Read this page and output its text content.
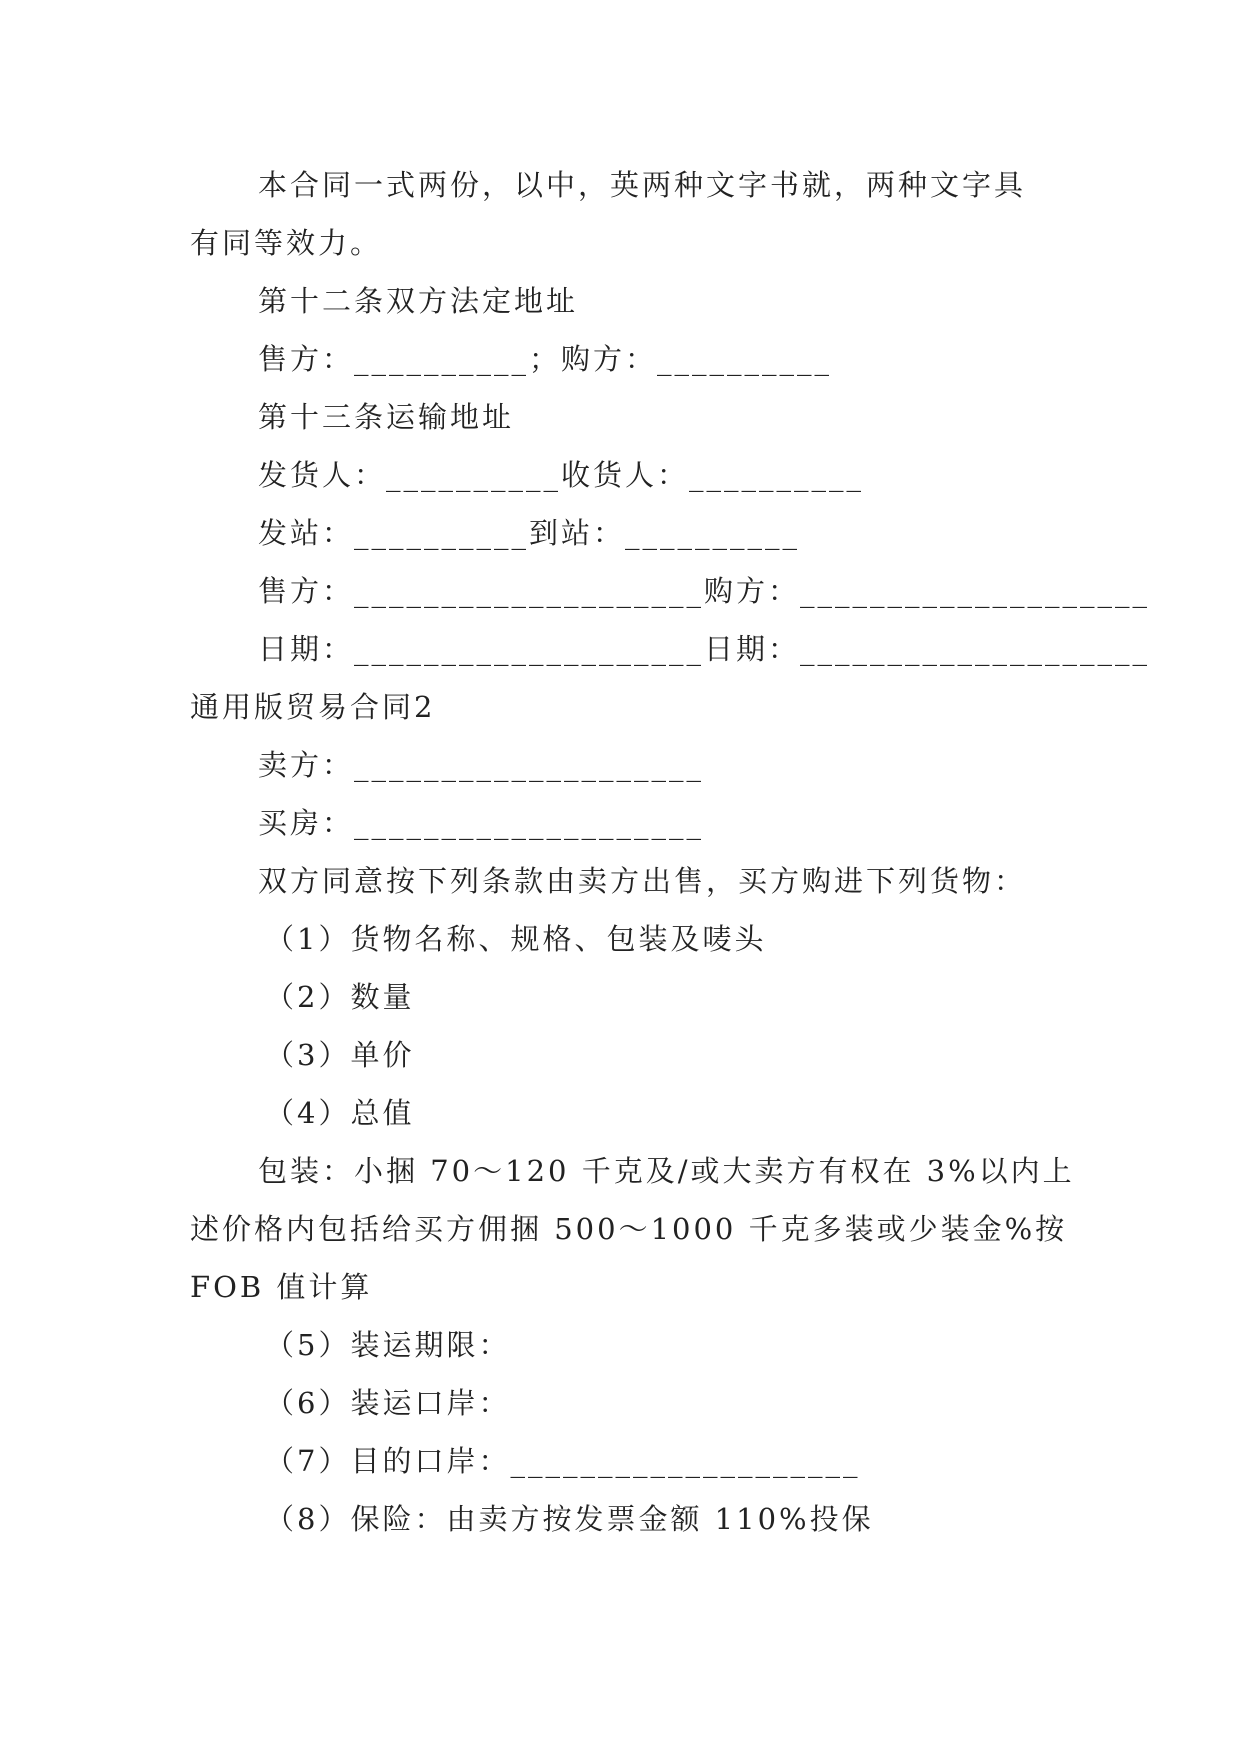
本合同一式两份，以中，英两种文字书就，两种文字具
有同等效力。
第十二条双方法定地址
售方：__________；购方：__________
第十三条运输地址
发货人：__________收货人：__________
发站：__________到站：__________
售方：____________________购方：____________________
日期：____________________日期：____________________
通用版贸易合同2
卖方：____________________
买房：____________________
双方同意按下列条款由卖方出售，买方购进下列货物：
（1）货物名称、规格、包装及唛头
（2）数量
（3）单价
（4）总值
包装：小捆 70～120 千克及/或大卖方有权在 3%以内上
述价格内包括给买方佣捆 500～1000 千克多装或少装金%按
FOB 值计算
（5）装运期限：
（6）装运口岸：
（7）目的口岸：____________________
（8）保险：由卖方按发票金额 110%投保
